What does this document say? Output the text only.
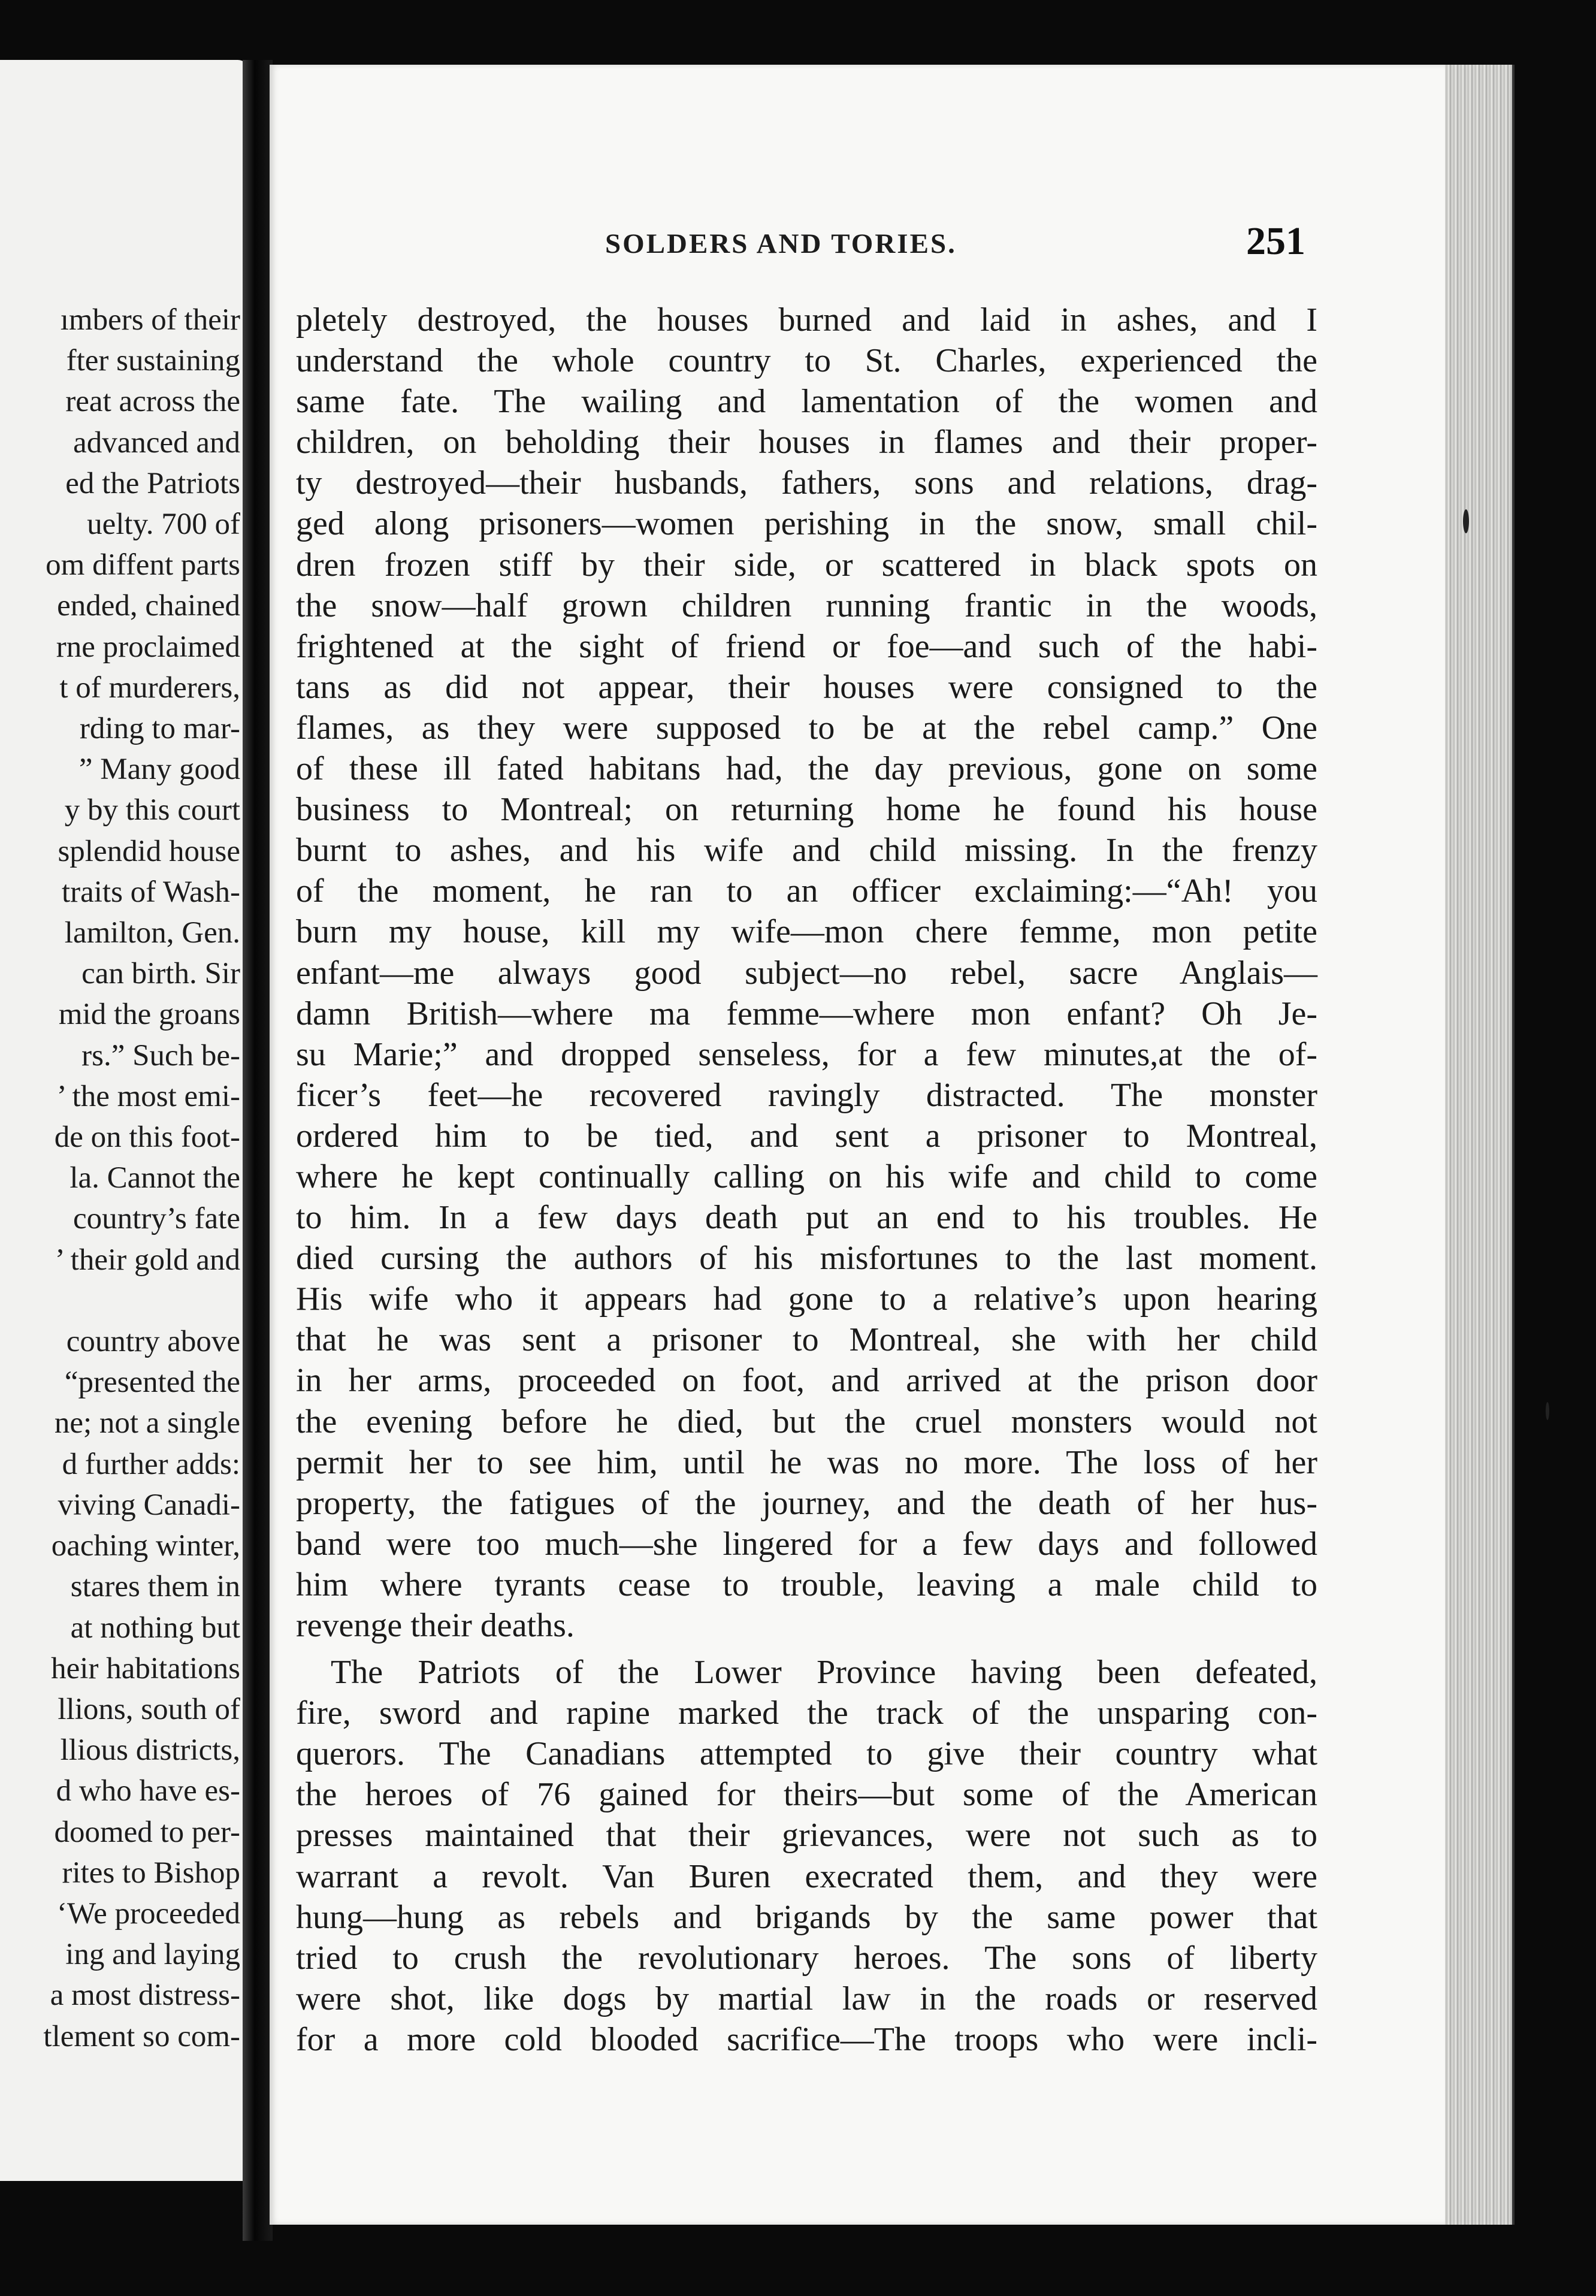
ımbers of their

fter sustaining

reat across the

advanced and

ed the Patriots

uelty. 700 of

om diffent parts

ended, chained

rne proclaimed

t of murderers,

rding to mar-

” Many good

y by this court

splendid house

traits of Wash-

lamilton, Gen.

can birth. Sir

mid the groans

rs.” Such be-

’ the most emi-

de on this foot-

la. Cannot the

country’s fate

’ their gold and

country above

“presented the

ne; not a single

d further adds:

viving Canadi-

oaching winter,

stares them in

at nothing but

heir habitations

llions, south of

llious districts,

d who have es-

doomed to per-

rites to Bishop

‘We proceeded

ing and laying

a most distress-

tlement so com-

SOLDERS AND TORIES.	251

pletely destroyed, the houses burned and laid in ashes, and I

understand the whole country to St. Charles, experienced the

same fate. The wailing and lamentation of the women and

children, on beholding their houses in flames and their proper-

ty destroyed—their husbands, fathers, sons and relations, drag-

ged along prisoners—women perishing in the snow, small chil-

dren frozen stiff by their side, or scattered in black spots on

the snow—half grown children running frantic in the woods,

frightened at the sight of friend or foe—and such of the habi-

tans as did not appear, their houses were consigned to the

flames, as they were supposed to be at the rebel camp.” One

of these ill fated habitans had, the day previous, gone on some

business to Montreal; on returning home he found his house

burnt to ashes, and his wife and child missing. In the frenzy

of the moment, he ran to an officer exclaiming:—“Ah! you

burn my house, kill my wife—mon chere femme, mon petite

enfant—me always good subject—no rebel, sacre Anglais—

damn British—where ma femme—where mon enfant? Oh Je-

su Marie;” and dropped senseless, for a few minutes,at the of-

ficer’s feet—he recovered ravingly distracted. The monster

ordered him to be tied, and sent a prisoner to Montreal,

where he kept continually calling on his wife and child to come

to him. In a few days death put an end to his troubles. He

died cursing the authors of his misfortunes to the last moment.

His wife who it appears had gone to a relative’s upon hearing

that he was sent a prisoner to Montreal, she with her child

in her arms, proceeded on foot, and arrived at the prison door

the evening before he died, but the cruel monsters would not

permit her to see him, until he was no more. The loss of her

property, the fatigues of the journey, and the death of her hus-

band were too much—she lingered for a few days and followed

him where tyrants cease to trouble, leaving a male child to

revenge their deaths.

The Patriots of the Lower Province having been defeated,

fire, sword and rapine marked the track of the unsparing con-

querors. The Canadians attempted to give their country what

the heroes of 76 gained for theirs—but some of the American

presses maintained that their grievances, were not such as to

warrant a revolt. Van Buren execrated them, and they were

hung—hung as rebels and brigands by the same power that

tried to crush the revolutionary heroes. The sons of liberty

were shot, like dogs by martial law in the roads or reserved

for a more cold blooded sacrifice—The troops who were incli-
